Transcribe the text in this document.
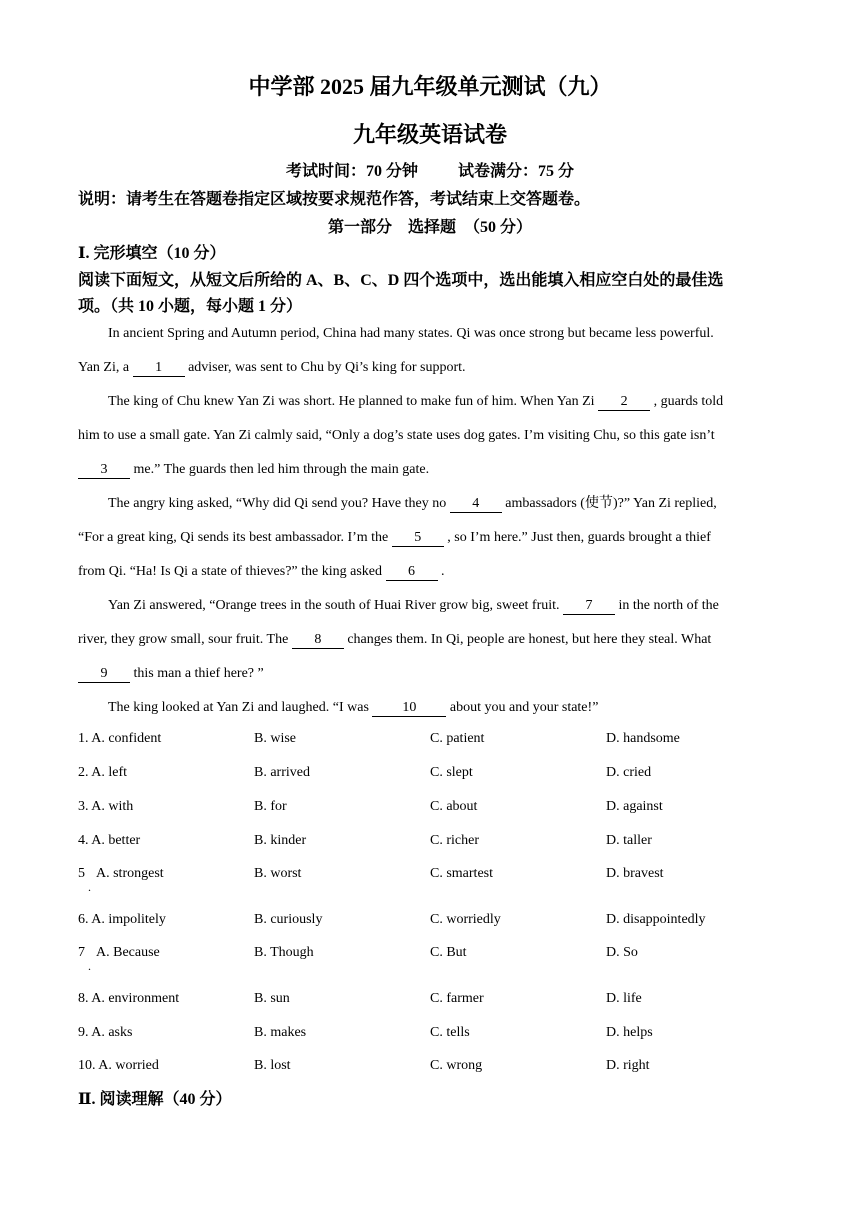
中学部 2025 届九年级单元测试（九）
九年级英语试卷
考试时间：70 分钟	试卷满分：75 分
说明：请考生在答题卷指定区域按要求规范作答，考试结束上交答题卷。
第一部分　选择题　（50 分）
Ⅰ. 完形填空（10 分）
阅读下面短文，从短文后所给的 A、B、C、D 四个选项中，选出能填入相应空白处的最佳选
项。（共 10 小题，每小题 1 分）
In ancient Spring and Autumn period, China had many states. Qi was once strong but became less powerful.
Yan Zi, a 1 adviser, was sent to Chu by Qi’s king for support.
The king of Chu knew Yan Zi was short. He planned to make fun of him. When Yan Zi 2 , guards told
him to use a small gate. Yan Zi calmly said, “Only a dog’s state uses dog gates. I’m visiting Chu, so this gate isn’t
3 me.” The guards then led him through the main gate.
The angry king asked, “Why did Qi send you? Have they no 4 ambassadors (使节)?” Yan Zi replied,
“For a great king, Qi sends its best ambassador. I’m the 5 , so I’m here.” Just then, guards brought a thief
from Qi. “Ha! Is Qi a state of thieves?” the king asked 6 .
Yan Zi answered, “Orange trees in the south of Huai River grow big, sweet fruit. 7 in the north of the
river, they grow small, sour fruit. The 8 changes them. In Qi, people are honest, but here they steal. What
9 this man a thief here? ”
The king looked at Yan Zi and laughed. “I was 10 about you and your state!”
1. A. confident	B. wise	C. patient	D. handsome
2. A. left	B. arrived	C. slept	D. cried
3. A. with	B. for	C. about	D. against
4. A. better	B. kinder	C. richer	D. taller
5
.
A. strongest	B. worst	C. smartest	D. bravest
6. A. impolitely	B. curiously	C. worriedly	D. disappointedly
7
.
A. Because	B. Though	C. But	D. So
8. A. environment	B. sun	C. farmer	D. life
9. A. asks	B. makes	C. tells	D. helps
10. A. worried	B. lost	C. wrong	D. right
Ⅱ. 阅读理解（40 分）
